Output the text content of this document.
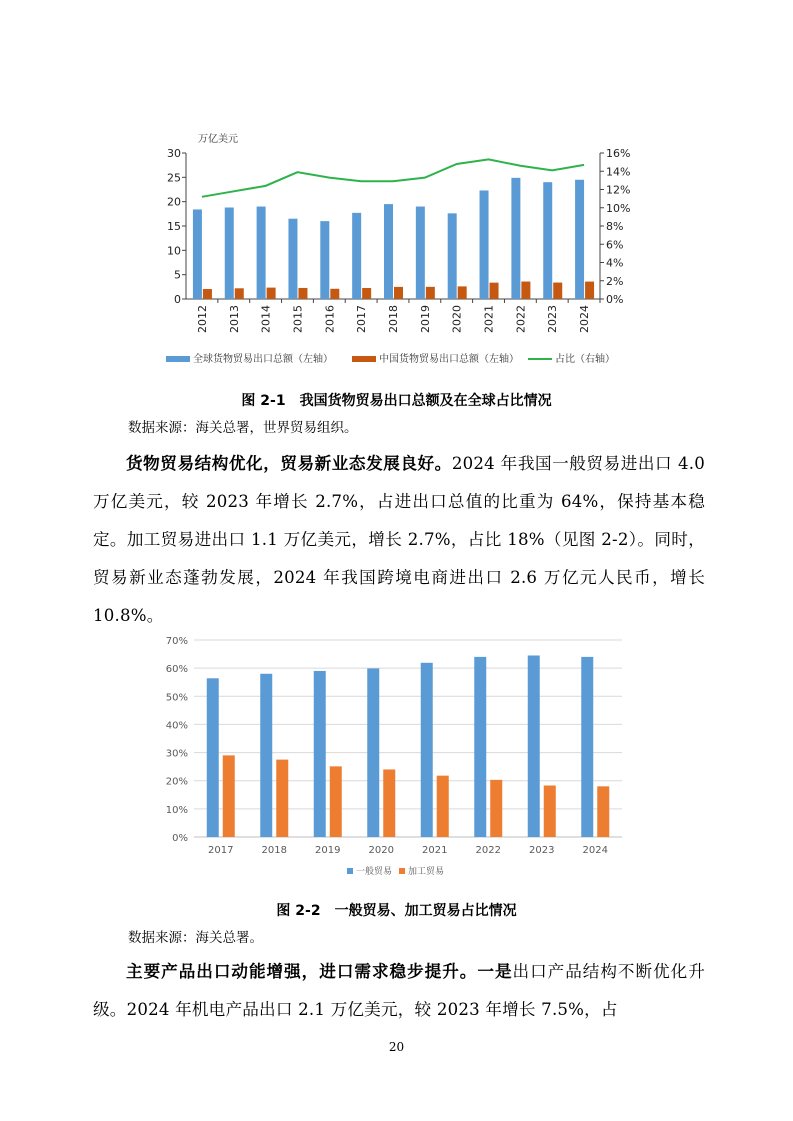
万亿美元
0
5
10
15
20
25
30
0%
2%
4%
6%
8%
10%
12%
14%
16%
2012 2013 2014 2015 2016 2017 2018 2019 2020 2021 2022 2023 2024
全球货物贸易出口总额（左轴）	中国货物贸易出口总额（左轴）	占比（右轴）
图 2-1　我国货物贸易出口总额及在全球占比情况
数据来源：海关总署，世界贸易组织。
货物贸易结构优化，贸易新业态发展良好。2024 年我国一般贸易进出口 4.0 万亿美元，较 2023 年增长 2.7%，占进出口总值的比重为 64%，保持基本稳定。加工贸易进出口 1.1 万亿美元，增长 2.7%，占比 18%（见图 2-2）。同时，贸易新业态蓬勃发展，2024 年我国跨境电商进出口 2.6 万亿元人民币，增长 10.8%。
0%
10%
20%
30%
40%
50%
60%
70%
2017	2018	2019	2020	2021	2022	2023	2024
一般贸易 加工贸易
图 2-2　一般贸易、加工贸易占比情况
数据来源：海关总署。
主要产品出口动能增强，进口需求稳步提升。一是出口产品结构不断优化升级。2024 年机电产品出口 2.1 万亿美元，较 2023 年增长 7.5%，占
20
